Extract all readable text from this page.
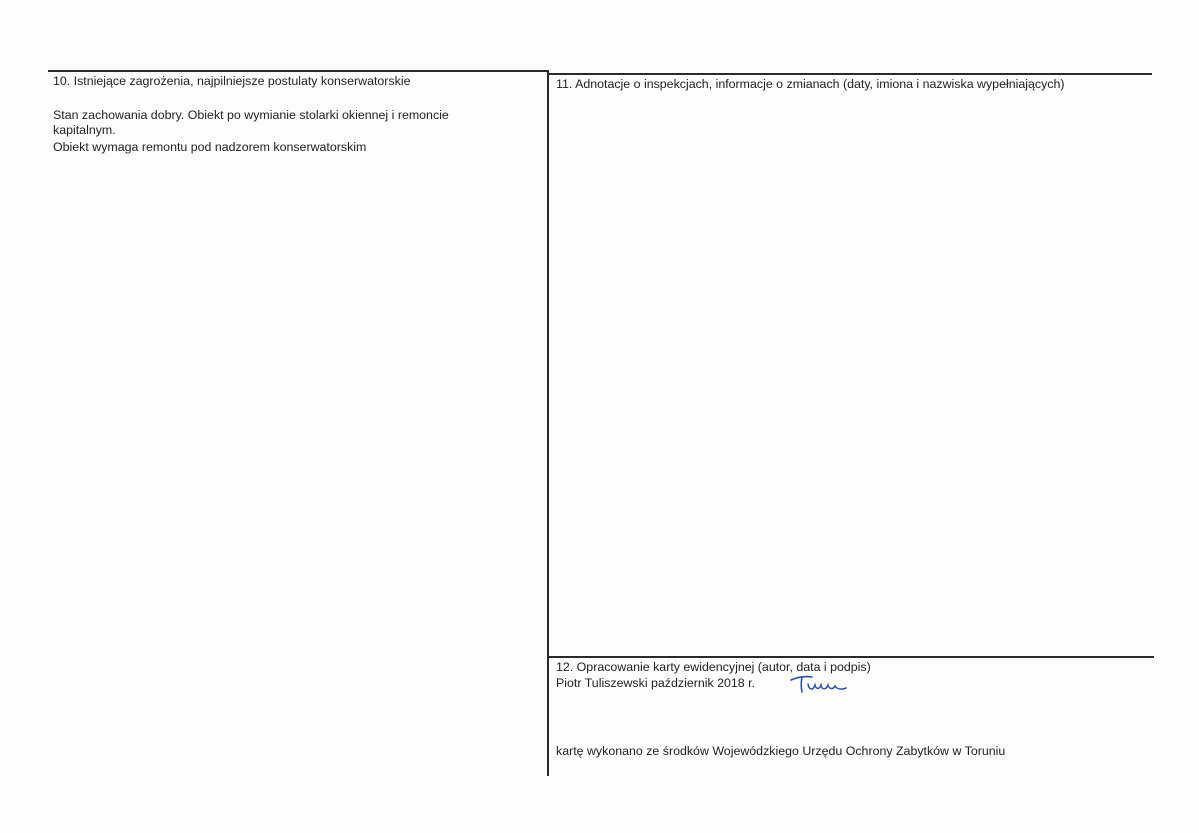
10. Istniejące zagrożenia, najpilniejsze postulaty konserwatorskie
Stan zachowania dobry. Obiekt po wymianie stolarki okiennej i remoncie kapitalnym.
Obiekt wymaga remontu pod nadzorem konserwatorskim
11. Adnotacje o inspekcjach, informacje o zmianach (daty, imiona i nazwiska wypełniających)
12. Opracowanie karty ewidencyjnej (autor, data i podpis)
Piotr Tuliszewski październik 2018 r.
kartę wykonano ze środków Wojewódzkiego Urzędu Ochrony Zabytków w Toruniu
